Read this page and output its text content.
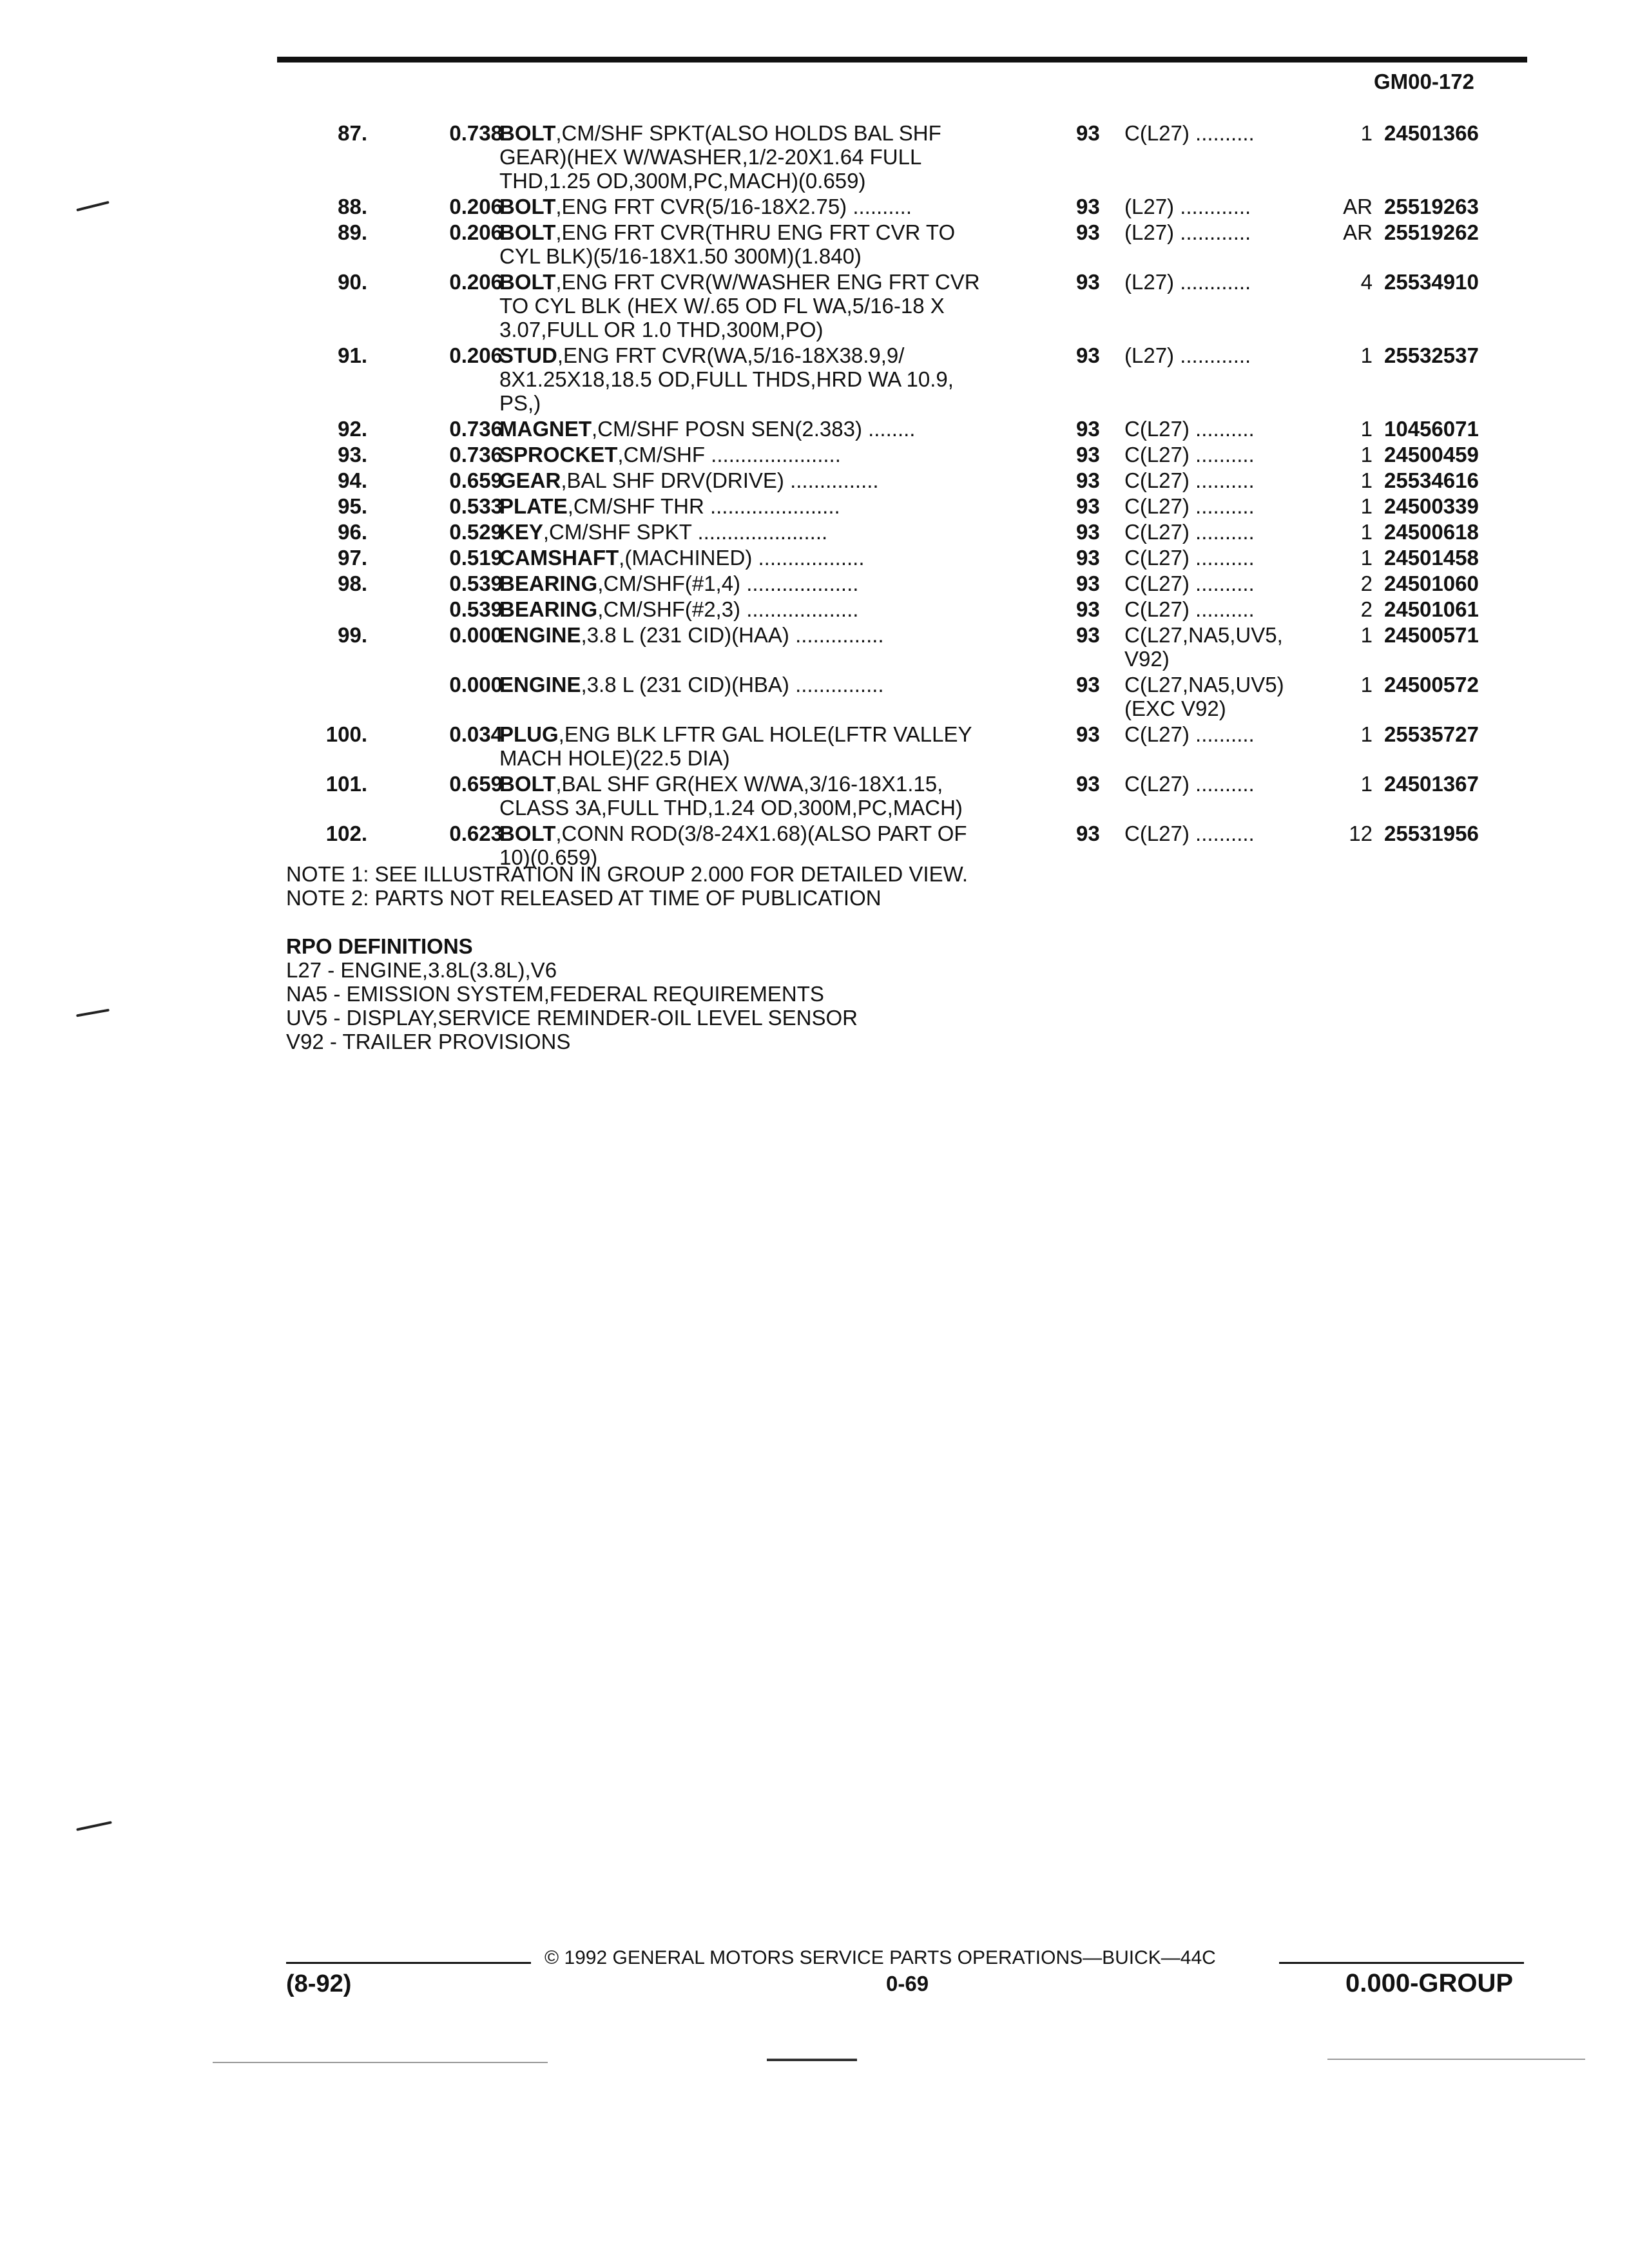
GM00-172
87.	0.738
BOLT,CM/SHF SPKT(ALSO HOLDS BAL SHF
GEAR)(HEX W/WASHER,1/2-20X1.64 FULL
THD,1.25 OD,300M,PC,MACH)(0.659)
93 C(L27) ..........	1 24501366
88.	0.206
BOLT,ENG FRT CVR(5/16-18X2.75) ..........	93 (L27) ............	AR 25519263
89.	0.206
BOLT,ENG FRT CVR(THRU ENG FRT CVR TO
CYL BLK)(5/16-18X1.50 300M)(1.840)
93 (L27) ............	AR 25519262
90.	0.206
BOLT,ENG FRT CVR(W/WASHER ENG FRT CVR
TO CYL BLK (HEX W/.65 OD FL WA,5/16-18 X
3.07,FULL OR 1.0 THD,300M,PO)
93 (L27) ............	4 25534910
91.	0.206
STUD,ENG FRT CVR(WA,5/16-18X38.9,9/
8X1.25X18,18.5 OD,FULL THDS,HRD WA 10.9,
PS,)
93 (L27) ............	1 25532537
92.	0.736
MAGNET,CM/SHF POSN SEN(2.383) ........	93 C(L27) ..........	1 10456071
93.	0.736
SPROCKET,CM/SHF ......................	93 C(L27) ..........	1 24500459
94.	0.659
GEAR,BAL SHF DRV(DRIVE) ...............	93 C(L27) ..........	1 25534616
95.	0.533
PLATE,CM/SHF THR ......................	93 C(L27) ..........	1 24500339
96.	0.529
KEY,CM/SHF SPKT ......................	93 C(L27) ..........	1 24500618
97.	0.519
CAMSHAFT,(MACHINED) ..................	93 C(L27) ..........	1 24501458
98.	0.539
BEARING,CM/SHF(#1,4) ...................	93 C(L27) ..........	2 24501060
0.539
BEARING,CM/SHF(#2,3) ...................	93 C(L27) ..........	2 24501061
99.	0.000
ENGINE,3.8 L (231 CID)(HAA) ...............	93 C(L27,NA5,UV5,
V92)
1 24500571
0.000
ENGINE,3.8 L (231 CID)(HBA) ...............	93 C(L27,NA5,UV5)
(EXC V92)
1 24500572
100.	0.034
PLUG,ENG BLK LFTR GAL HOLE(LFTR VALLEY
MACH HOLE)(22.5 DIA)
93 C(L27) ..........	1 25535727
101.	0.659
BOLT,BAL SHF GR(HEX W/WA,3/16-18X1.15,
CLASS 3A,FULL THD,1.24 OD,300M,PC,MACH)
93 C(L27) ..........	1 24501367
102.	0.623
BOLT,CONN ROD(3/8-24X1.68)(ALSO PART OF
10)(0.659)
93 C(L27) ..........	12 25531956
NOTE 1: SEE ILLUSTRATION IN GROUP 2.000 FOR DETAILED VIEW.
NOTE 2: PARTS NOT RELEASED AT TIME OF PUBLICATION
RPO DEFINITIONS
L27 - ENGINE,3.8L(3.8L),V6
NA5 - EMISSION SYSTEM,FEDERAL REQUIREMENTS
UV5 - DISPLAY,SERVICE REMINDER-OIL LEVEL SENSOR
V92 - TRAILER PROVISIONS
© 1992 GENERAL MOTORS SERVICE PARTS OPERATIONS—BUICK—44C
(8-92)	0-69	0.000-GROUP
